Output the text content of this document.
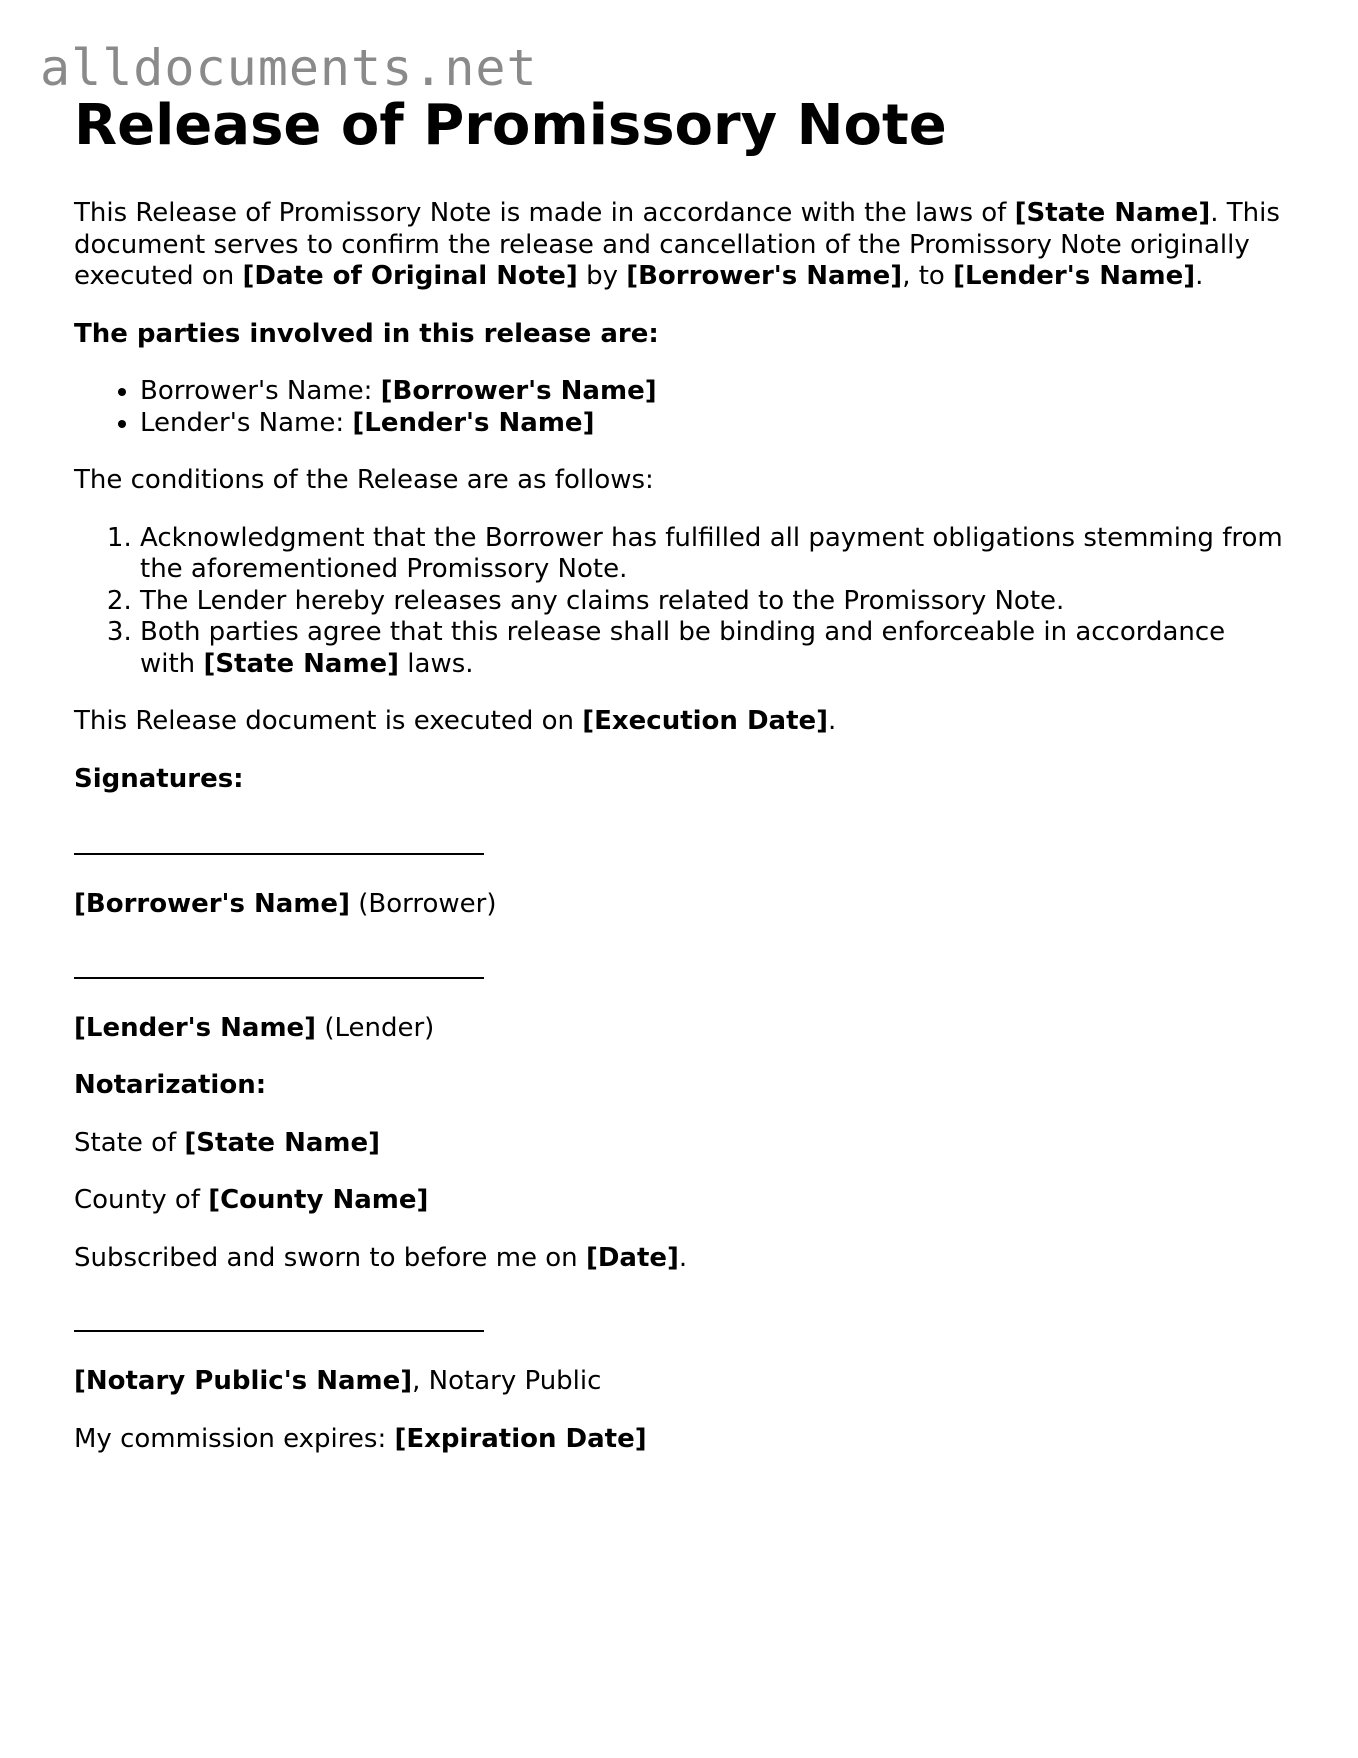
alldocuments.net
Release of Promissory Note

This Release of Promissory Note is made in accordance with the laws of [State Name]. This document serves to confirm the release and cancellation of the Promissory Note originally executed on [Date of Original Note] by [Borrower's Name], to [Lender's Name].

The parties involved in this release are:

• Borrower's Name: [Borrower's Name]
• Lender's Name: [Lender's Name]

The conditions of the Release are as follows:

1. Acknowledgment that the Borrower has fulfilled all payment obligations stemming from the aforementioned Promissory Note.
2. The Lender hereby releases any claims related to the Promissory Note.
3. Both parties agree that this release shall be binding and enforceable in accordance with [State Name] laws.

This Release document is executed on [Execution Date].

Signatures:

[Borrower's Name] (Borrower)

[Lender's Name] (Lender)

Notarization:

State of [State Name]

County of [County Name]

Subscribed and sworn to before me on [Date].

[Notary Public's Name], Notary Public

My commission expires: [Expiration Date]
